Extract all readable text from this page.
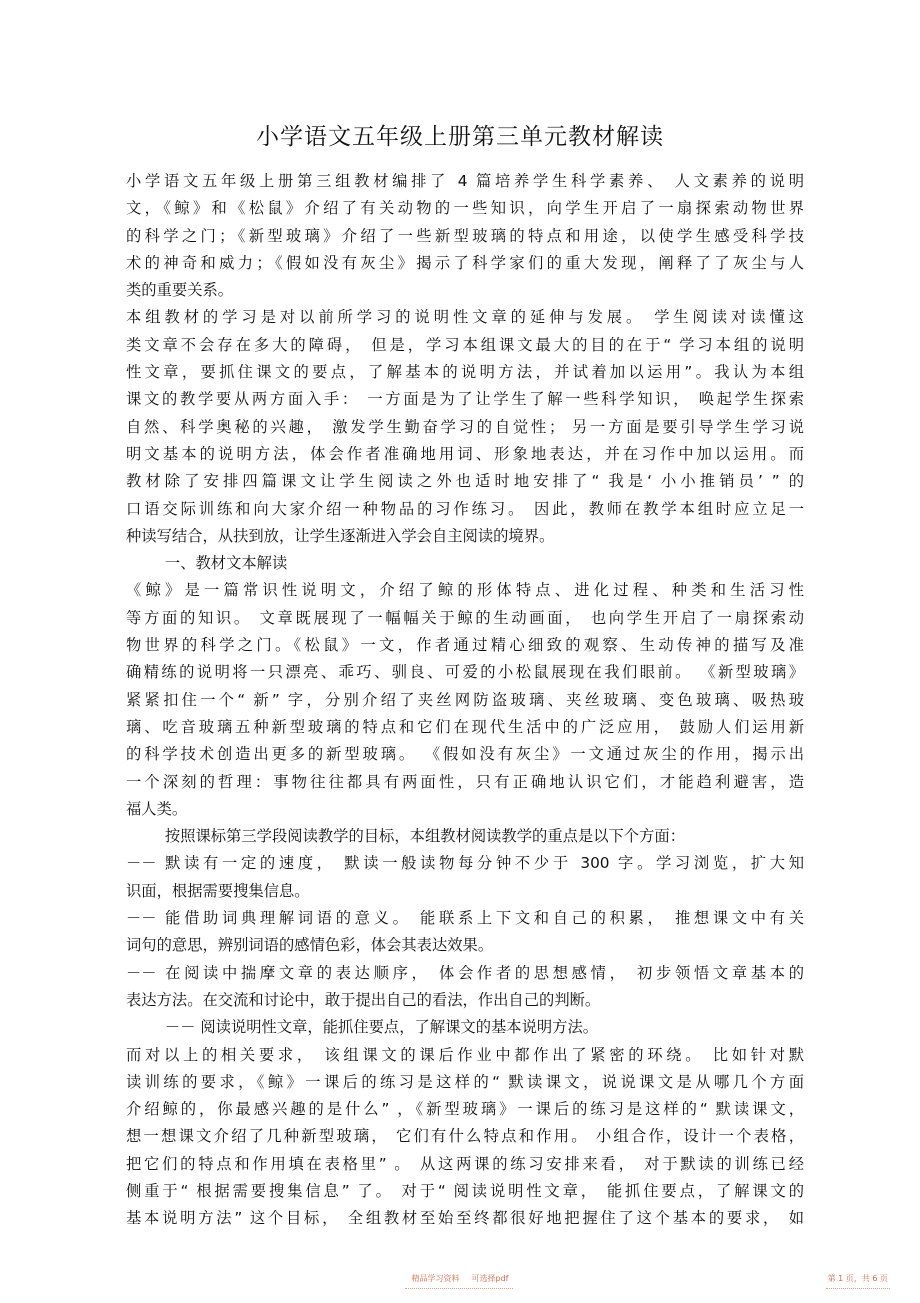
小学语文五年级上册第三单元教材解读
小学语文五年级上册第三组教材编排了 4 篇培养学生科学素养、 人文素养的说明
文，《鲸》和《松鼠》介绍了有关动物的一些知识，向学生开启了一扇探索动物世界
的科学之门；《新型玻璃》介绍了一些新型玻璃的特点和用途，以使学生感受科学技
术的神奇和威力；《假如没有灰尘》揭示了科学家们的重大发现，阐释了了灰尘与人
类的重要关系。
本组教材的学习是对以前所学习的说明性文章的延伸与发展。 学生阅读对读懂这
类文章不会存在多大的障碍， 但是，学习本组课文最大的目的在于“ 学习本组的说明
性文章，要抓住课文的要点，了解基本的说明方法，并试着加以运用”。我认为本组
课文的教学要从两方面入手： 一方面是为了让学生了解一些科学知识， 唤起学生探索
自然、科学奥秘的兴趣， 激发学生勤奋学习的自觉性； 另一方面是要引导学生学习说
明文基本的说明方法，体会作者准确地用词、形象地表达，并在习作中加以运用。而
教材除了安排四篇课文让学生阅读之外也适时地安排了“ 我是‘ 小小推销员’ ” 的
口语交际训练和向大家介绍一种物品的习作练习。 因此，教师在教学本组时应立足一
种读写结合，从扶到放，让学生逐渐进入学会自主阅读的境界。
一、教材文本解读
《鲸》是一篇常识性说明文，介绍了鲸的形体特点、进化过程、种类和生活习性
等方面的知识。 文章既展现了一幅幅关于鲸的生动画面， 也向学生开启了一扇探索动
物世界的科学之门。《松鼠》一文，作者通过精心细致的观察、生动传神的描写及准
确精练的说明将一只漂亮、乖巧、驯良、可爱的小松鼠展现在我们眼前。 《新型玻璃》
紧紧扣住一个“ 新” 字，分别介绍了夹丝网防盗玻璃、夹丝玻璃、变色玻璃、吸热玻
璃、吃音玻璃五种新型玻璃的特点和它们在现代生活中的广泛应用， 鼓励人们运用新
的科学技术创造出更多的新型玻璃。 《假如没有灰尘》一文通过灰尘的作用，揭示出
一个深刻的哲理：事物往往都具有两面性，只有正确地认识它们，才能趋利避害，造
福人类。
按照课标第三学段阅读教学的目标，本组教材阅读教学的重点是以下个方面：
－－ 默读有一定的速度， 默读一般读物每分钟不少于 300 字。学习浏览，扩大知
识面，根据需要搜集信息。
－－ 能借助词典理解词语的意义。 能联系上下文和自己的积累， 推想课文中有关
词句的意思，辨别词语的感情色彩，体会其表达效果。
－－ 在阅读中揣摩文章的表达顺序， 体会作者的思想感情， 初步领悟文章基本的
表达方法。在交流和讨论中，敢于提出自己的看法，作出自己的判断。
－－ 阅读说明性文章，能抓住要点，了解课文的基本说明方法。
而对以上的相关要求， 该组课文的课后作业中都作出了紧密的环绕。 比如针对默
读训练的要求，《鲸》一课后的练习是这样的“ 默读课文，说说课文是从哪几个方面
介绍鲸的，你最感兴趣的是什么” ，《新型玻璃》一课后的练习是这样的“ 默读课文，
想一想课文介绍了几种新型玻璃， 它们有什么特点和作用。 小组合作，设计一个表格，
把它们的特点和作用填在表格里” 。 从这两课的练习安排来看， 对于默读的训练已经
侧重于“ 根据需要搜集信息” 了。 对于“ 阅读说明性文章， 能抓住要点，了解课文的
基本说明方法” 这个目标， 全组教材至始至终都很好地把握住了这个基本的要求， 如
精品学习资料 可选择pdf	第 1 页，共 6 页
